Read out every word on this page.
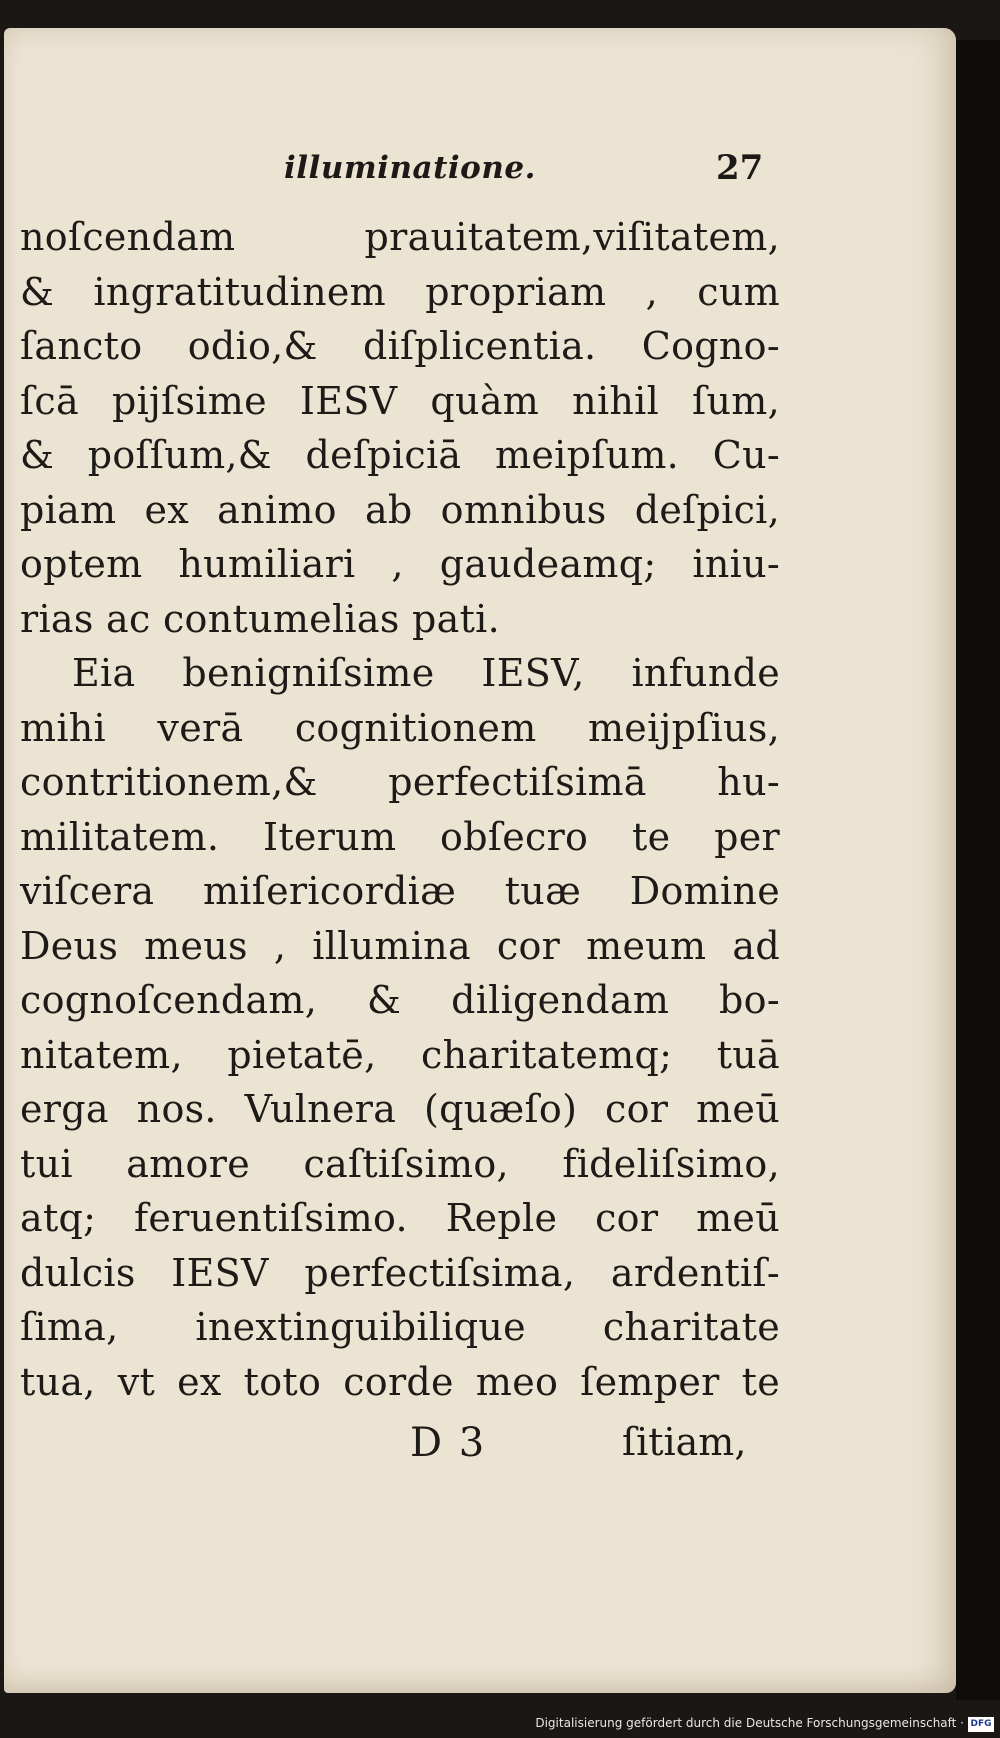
illuminatione.	27
noſcendam prauitatem,viſitatem,
& ingratitudinem propriam , cum
ſancto odio,& diſplicentia. Cogno-
ſcā pijſsime IESV quàm nihil ſum,
& poſſum,& deſpiciā meipſum. Cu-
piam ex animo ab omnibus deſpici,
optem humiliari , gaudeamq; iniu-
rias ac contumelias pati.
Eia benigniſsime IESV, infunde
mihi verā cognitionem meijpſius,
contritionem,& perfectiſsimā hu-
militatem. Iterum obſecro te per
viſcera miſericordiæ tuæ Domine
Deus meus , illumina cor meum ad
cognoſcendam, & diligendam bo-
nitatem, pietatē, charitatemq; tuā
erga nos. Vulnera (quæſo) cor meū
tui amore caſtiſsimo, fideliſsimo,
atq; feruentiſsimo. Reple cor meū
dulcis IESV perfectiſsima, ardentiſ-
ſima, inextinguibilique charitate
tua, vt ex toto corde meo ſemper te
D 3	ſitiam,
Digitalisierung gefördert durch die Deutsche Forschungsgemeinschaft · DFG
